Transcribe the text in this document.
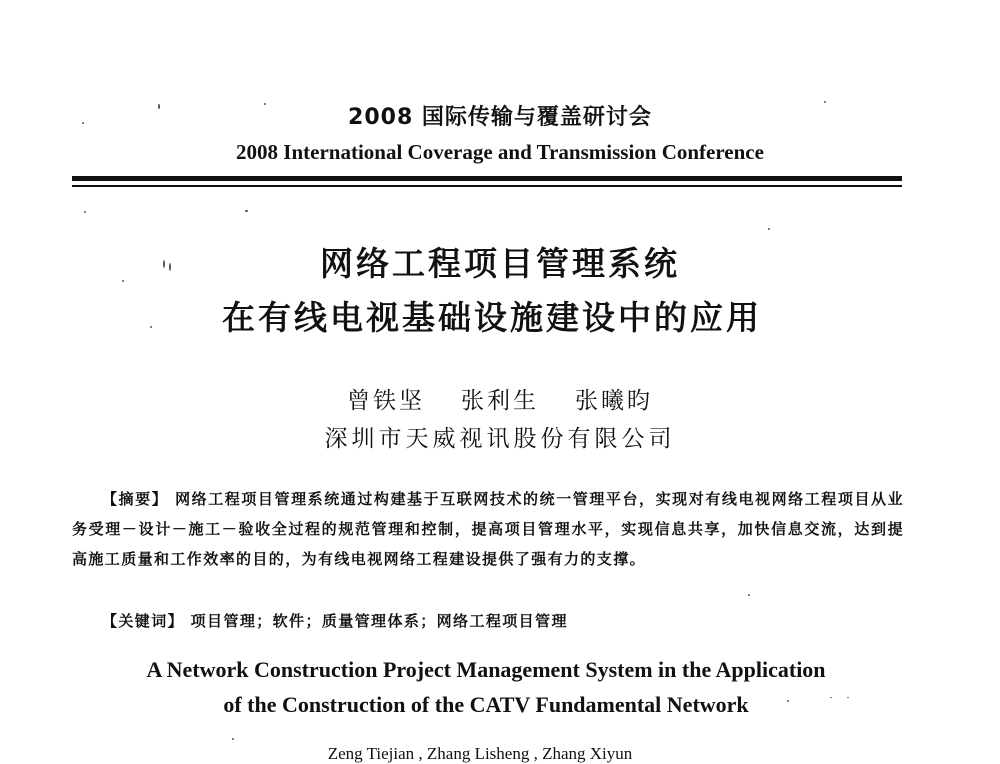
2008 国际传输与覆盖研讨会
2008 International Coverage and Transmission Conference
网络工程项目管理系统
在有线电视基础设施建设中的应用
曾铁坚 张利生 张曦昀
深圳市天威视讯股份有限公司
【摘要】 网络工程项目管理系统通过构建基于互联网技术的统一管理平台，实现对有线电视网络工程项目从业务受理－设计－施工－验收全过程的规范管理和控制，提高项目管理水平，实现信息共享，加快信息交流，达到提高施工质量和工作效率的目的，为有线电视网络工程建设提供了强有力的支撑。
【关键词】 项目管理；软件；质量管理体系；网络工程项目管理
A Network Construction Project Management System in the Application
of the Construction of the CATV Fundamental Network
Zeng Tiejian , Zhang Lisheng , Zhang Xiyun
